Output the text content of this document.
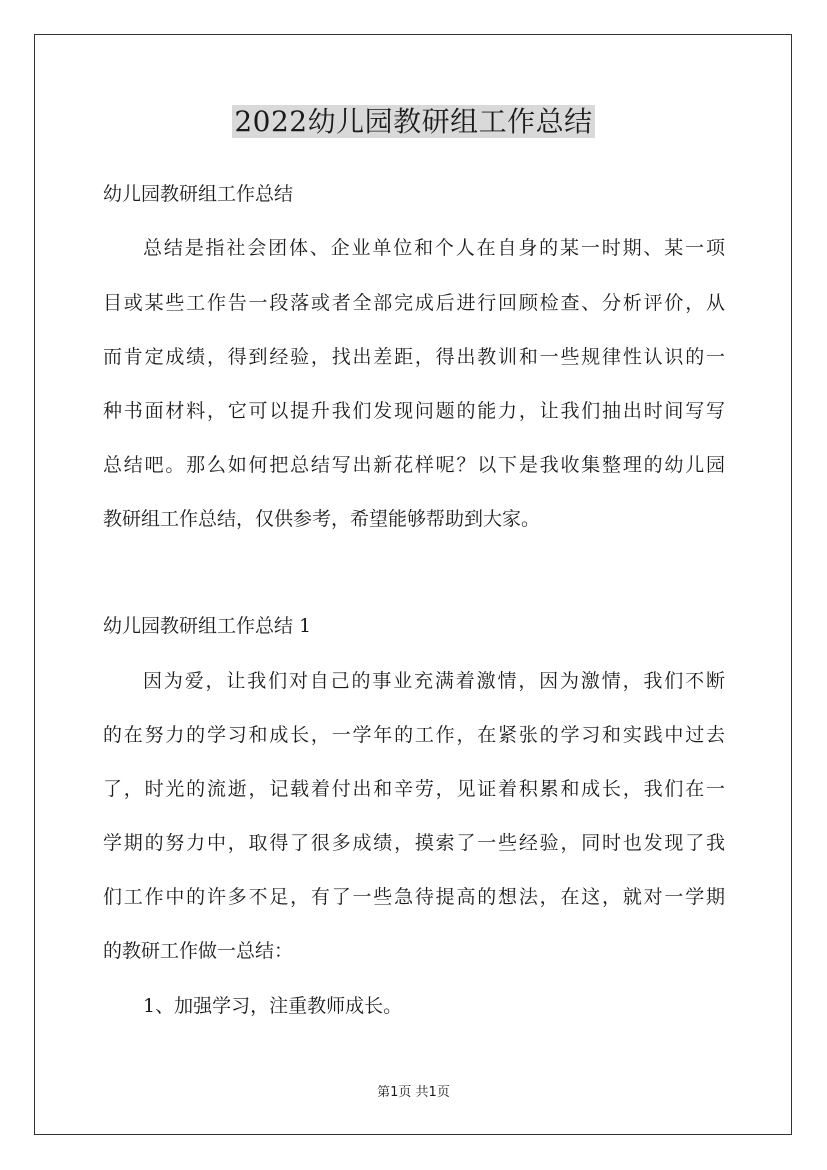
2022幼儿园教研组工作总结
幼儿园教研组工作总结
总结是指社会团体、企业单位和个人在自身的某一时期、某一项
目或某些工作告一段落或者全部完成后进行回顾检查、分析评价，从
而肯定成绩，得到经验，找出差距，得出教训和一些规律性认识的一
种书面材料，它可以提升我们发现问题的能力，让我们抽出时间写写
总结吧。那么如何把总结写出新花样呢？以下是我收集整理的幼儿园
教研组工作总结，仅供参考，希望能够帮助到大家。
幼儿园教研组工作总结 1
因为爱，让我们对自己的事业充满着激情，因为激情，我们不断
的在努力的学习和成长，一学年的工作，在紧张的学习和实践中过去
了，时光的流逝，记载着付出和辛劳，见证着积累和成长，我们在一
学期的努力中，取得了很多成绩，摸索了一些经验，同时也发现了我
们工作中的许多不足，有了一些急待提高的想法，在这，就对一学期
的教研工作做一总结：
1、加强学习，注重教师成长。
第1页 共1页
